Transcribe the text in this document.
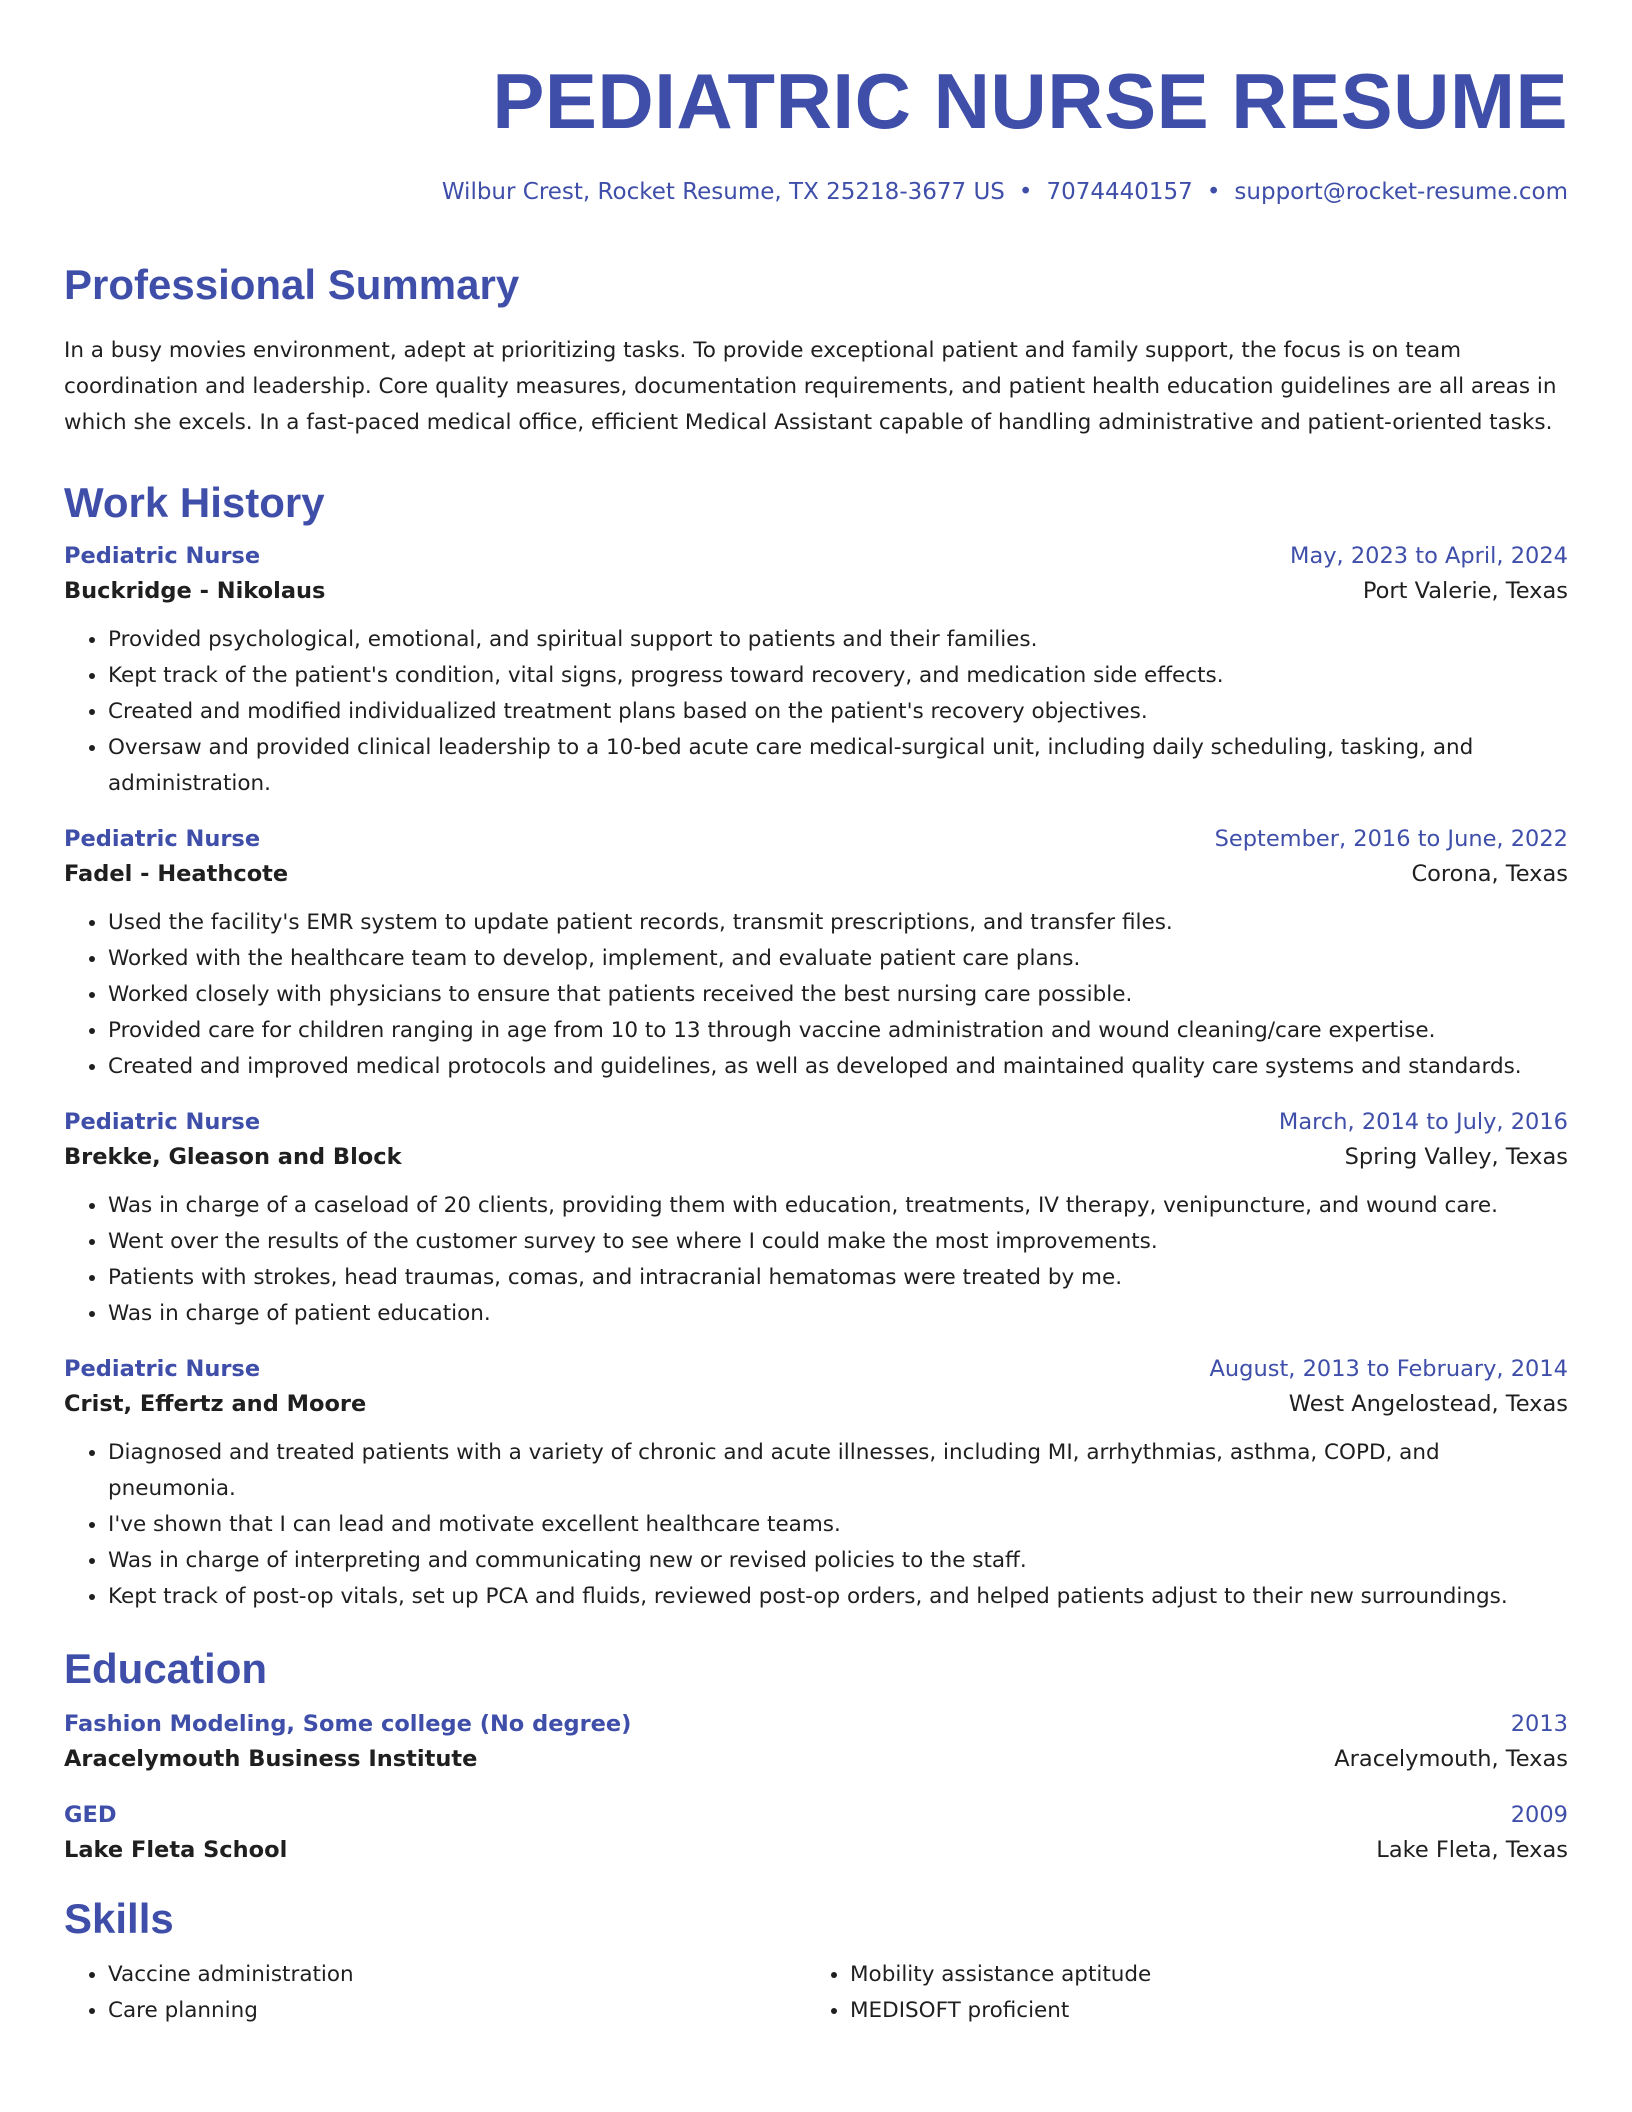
PEDIATRIC NURSE RESUME
Wilbur Crest, Rocket Resume, TX 25218-3677 US • 7074440157 • support@rocket-resume.com
Professional Summary

In a busy movies environment, adept at prioritizing tasks. To provide exceptional patient and family support, the focus is on team coordination and leadership. Core quality measures, documentation requirements, and patient health education guidelines are all areas in which she excels. In a fast-paced medical office, efficient Medical Assistant capable of handling administrative and patient-oriented tasks.

Work History
Pediatric Nurse	May, 2023 to April, 2024
Buckridge - Nikolaus	Port Valerie, Texas
• Provided psychological, emotional, and spiritual support to patients and their families.
• Kept track of the patient's condition, vital signs, progress toward recovery, and medication side effects.
• Created and modified individualized treatment plans based on the patient's recovery objectives.
• Oversaw and provided clinical leadership to a 10-bed acute care medical-surgical unit, including daily scheduling, tasking, and administration.
Pediatric Nurse	September, 2016 to June, 2022
Fadel - Heathcote	Corona, Texas
• Used the facility's EMR system to update patient records, transmit prescriptions, and transfer files.
• Worked with the healthcare team to develop, implement, and evaluate patient care plans.
• Worked closely with physicians to ensure that patients received the best nursing care possible.
• Provided care for children ranging in age from 10 to 13 through vaccine administration and wound cleaning/care expertise.
• Created and improved medical protocols and guidelines, as well as developed and maintained quality care systems and standards.
Pediatric Nurse	March, 2014 to July, 2016
Brekke, Gleason and Block	Spring Valley, Texas
• Was in charge of a caseload of 20 clients, providing them with education, treatments, IV therapy, venipuncture, and wound care.
• Went over the results of the customer survey to see where I could make the most improvements.
• Patients with strokes, head traumas, comas, and intracranial hematomas were treated by me.
• Was in charge of patient education.
Pediatric Nurse	August, 2013 to February, 2014
Crist, Effertz and Moore	West Angelostead, Texas
• Diagnosed and treated patients with a variety of chronic and acute illnesses, including MI, arrhythmias, asthma, COPD, and pneumonia.
• I've shown that I can lead and motivate excellent healthcare teams.
• Was in charge of interpreting and communicating new or revised policies to the staff.
• Kept track of post-op vitals, set up PCA and fluids, reviewed post-op orders, and helped patients adjust to their new surroundings.
Education
Fashion Modeling, Some college (No degree)	2013
Aracelymouth Business Institute	Aracelymouth, Texas
GED	2009
Lake Fleta School	Lake Fleta, Texas
Skills
• Vaccine administration
• Care planning
• Mobility assistance aptitude
• MEDISOFT proficient
